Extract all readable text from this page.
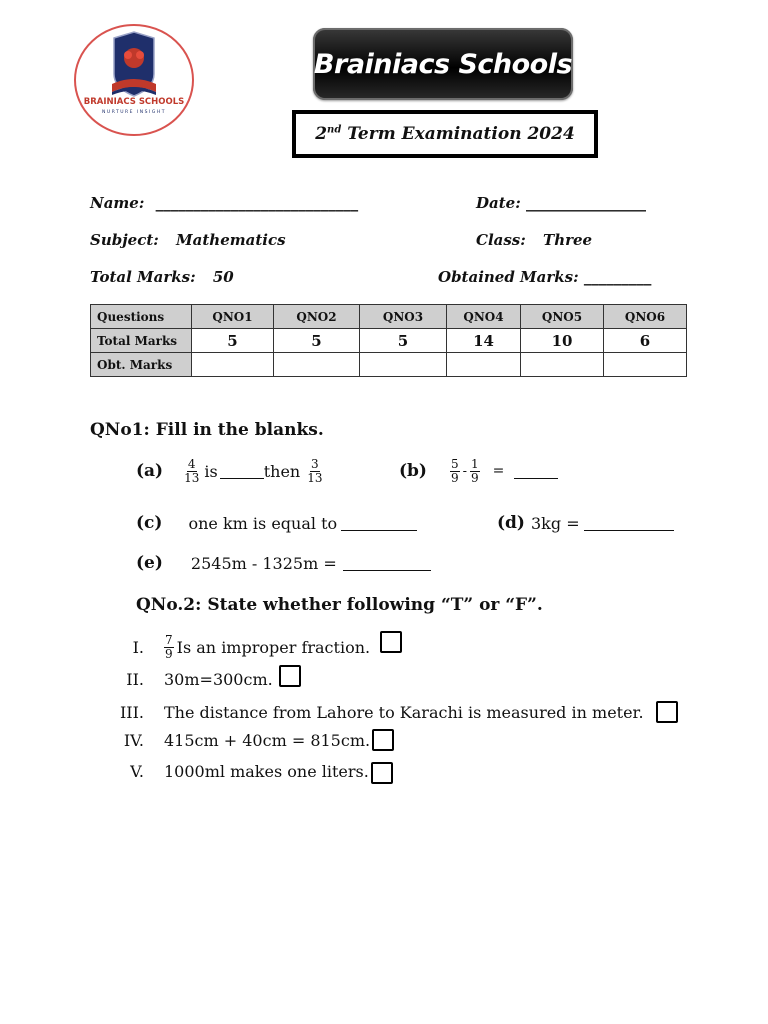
BRAINIACS SCHOOLS
NURTURE INSIGHT
Brainiacs Schools
2nd Term Examination 2024
Name: ___________________________	Date: ________________
Subject: Mathematics	Class: Three
Total Marks: 50	Obtained Marks: _________
Questions	QNO1	QNO2	QNO3	QNO4	QNO5	QNO6
Total Marks	5	5	5	14	10	6
Obt. Marks						
QNo1: Fill in the blanks.
$(a) \frac{4}{13}$ is	then $\frac{3}{13}$	$(b) \frac{5}{9} - \frac{1}{9}$ =
(c) one km is equal to	(d) 3kg =
(e) 2545m - 1325m =
QNo.2: State whether following “T” or “F”.
I. $\frac{7}{9}$ Is an improper fraction.
II. 30m=300cm.
III. The distance from Lahore to Karachi is measured in meter.
IV. 415cm + 40cm = 815cm.
V. 1000ml makes one liters.
